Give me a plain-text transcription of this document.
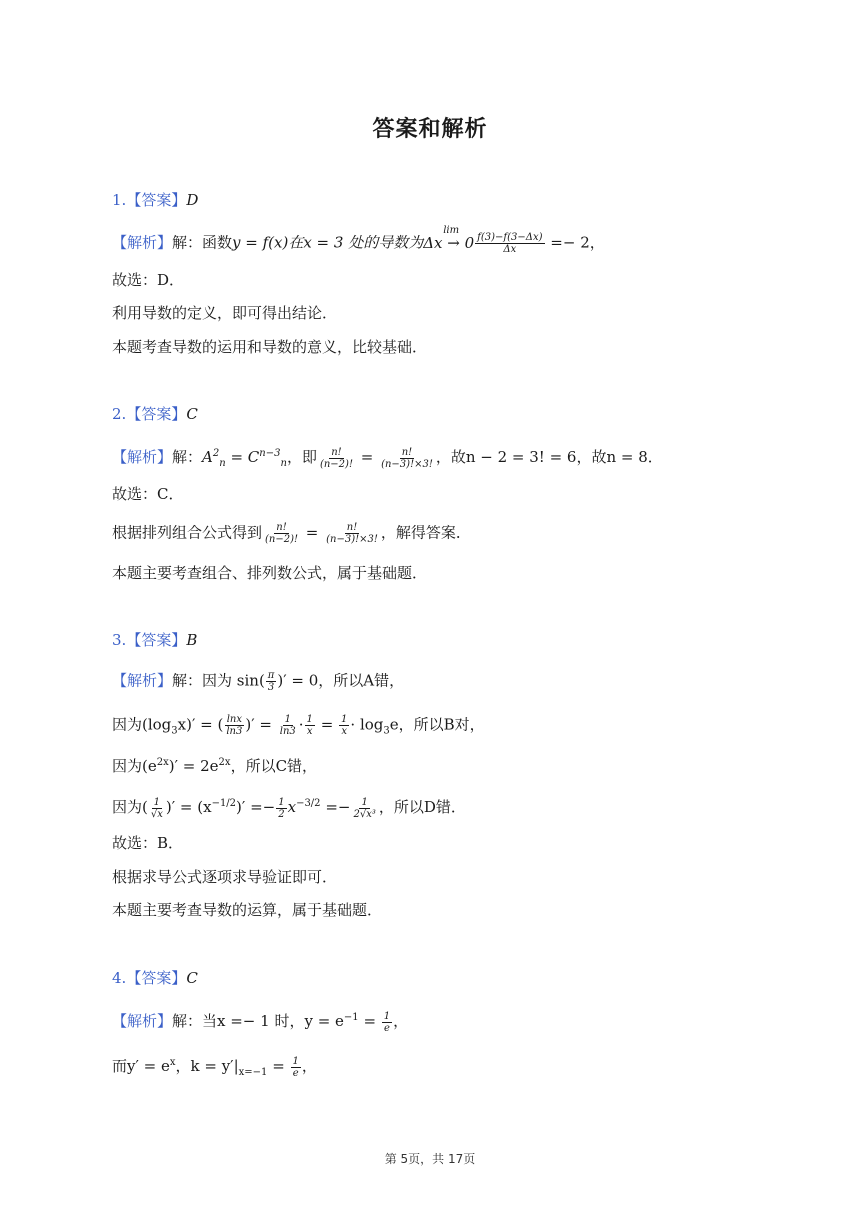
答案和解析
1.【答案】D
【解析】解：函数y = f(x)在x = 3 处的导数为
lim
$\Delta x \to 0 \frac{f(3)-f(3-\Delta x)}{\Delta x} =- 2$，
故选：D．
利用导数的定义，即可得出结论．
本题考查导数的运用和导数的意义，比较基础．
2.【答案】C
【解析】解：$A^2_n = C^{n-3}_n$，即 $\frac{n!}{(n-2)!} = \frac{n!}{(n-3)!\times 3!}$ ，故n − 2 = 3! = 6，故n = 8．
故选：C．
根据排列组合公式得到 $\frac{n!}{(n-2)!} = \frac{n!}{(n-3)!\times 3!}$ ，解得答案．
本题主要考查组合、排列数公式，属于基础题．
3.【答案】B
【解析】解：因为 $\sin( \frac{\pi}{3}$ )′ = 0，所以A错，
因为$(\log_3x)'$ = ( $\frac{\ln x}{\ln 3}$ )′ = $\frac{1}{\ln 3} \cdot \frac{1}{x} = \frac{1}{x} \cdot \log_3e$，所以B对，
因为$(e^{2x})' = 2e^{2x}$，所以C错，
因为( $\frac{1}{√x}$ )′ = $(x^{-1/2})' =- \frac{1}{2} x^{-3/2} =- \frac{1}{\text{2√x³}}$ ，所以D错．
故选：B．
根据求导公式逐项求导验证即可．
本题主要考查导数的运算，属于基础题．
4.【答案】C
【解析】解：当x =− 1 时，$y = e^{-1} = \frac{1}{e}$ ，
而$y' = e^x$，$k = y'|_{x=-1} = \frac{1}{e}$ ，
第 5页，共 17页
